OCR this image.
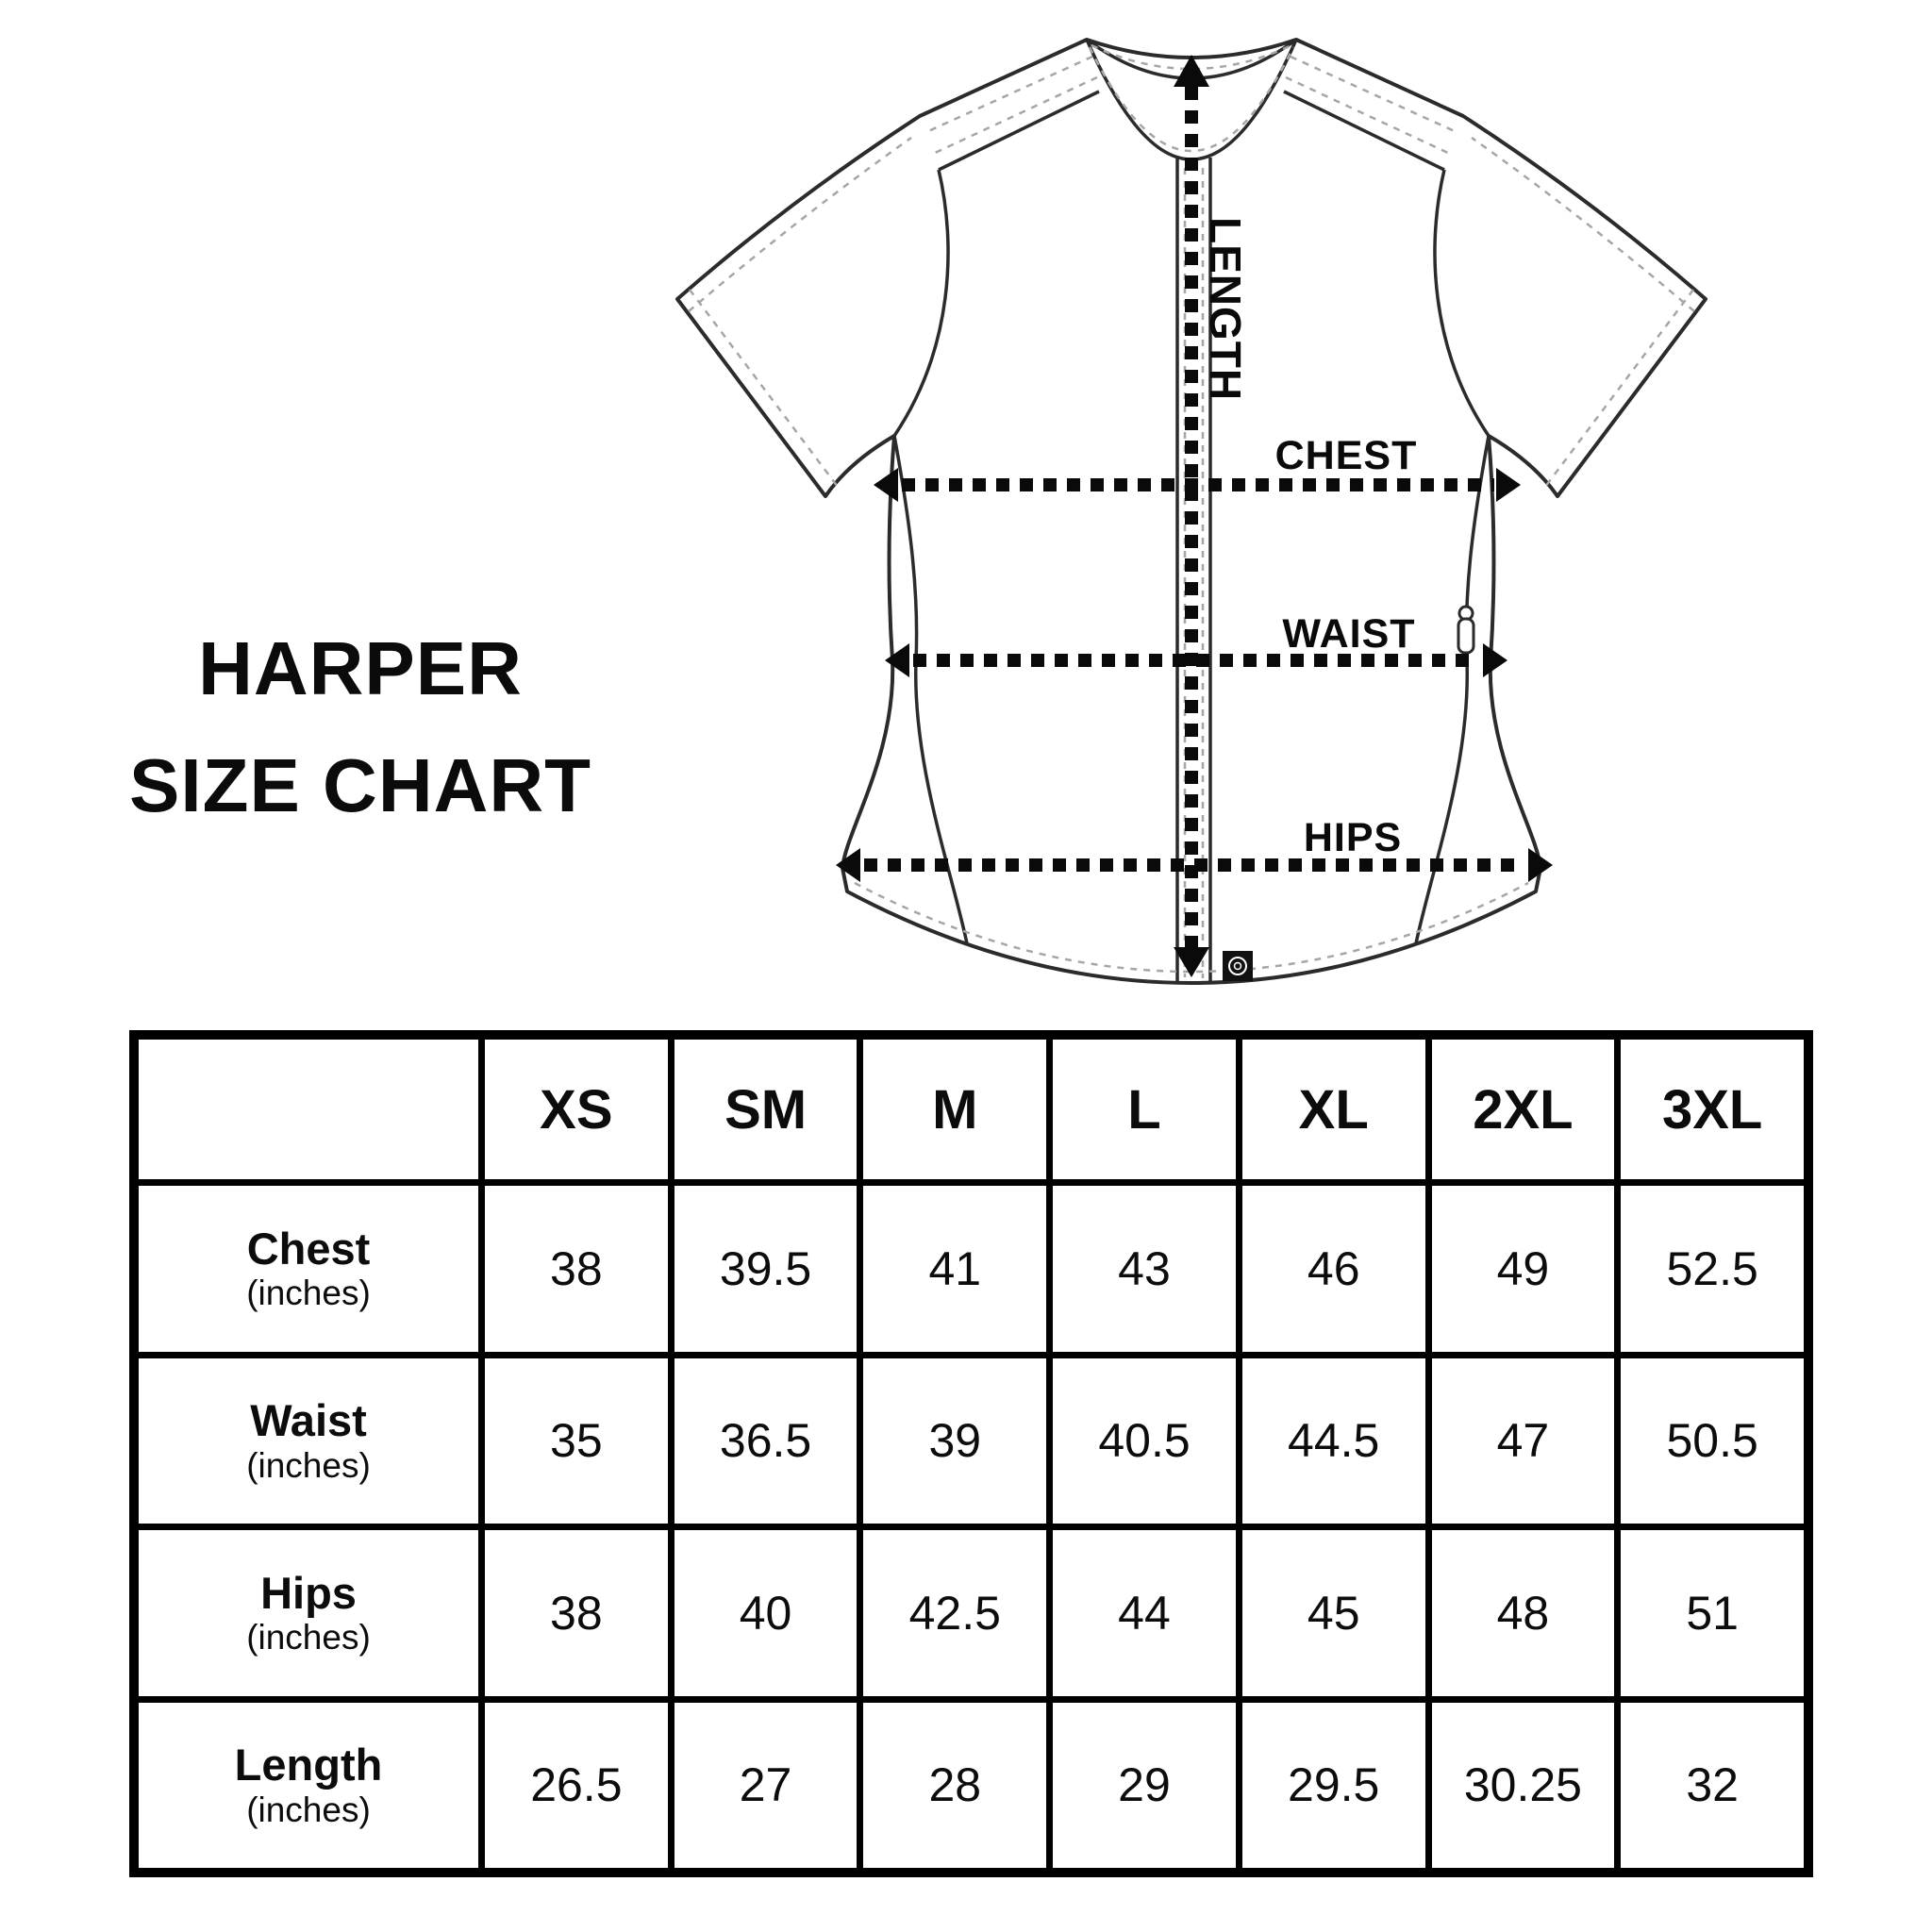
LENGTH
CHEST
WAIST
HIPS
HARPER
SIZE CHART
XS	SM	M	L	XL	2XL	3XL
Chest
(inches)	38	39.5	41	43	46	49	52.5
Waist
(inches)	35	36.5	39	40.5	44.5	47	50.5
Hips
(inches)	38	40	42.5	44	45	48	51
Length
(inches)	26.5	27	28	29	29.5	30.25	32
